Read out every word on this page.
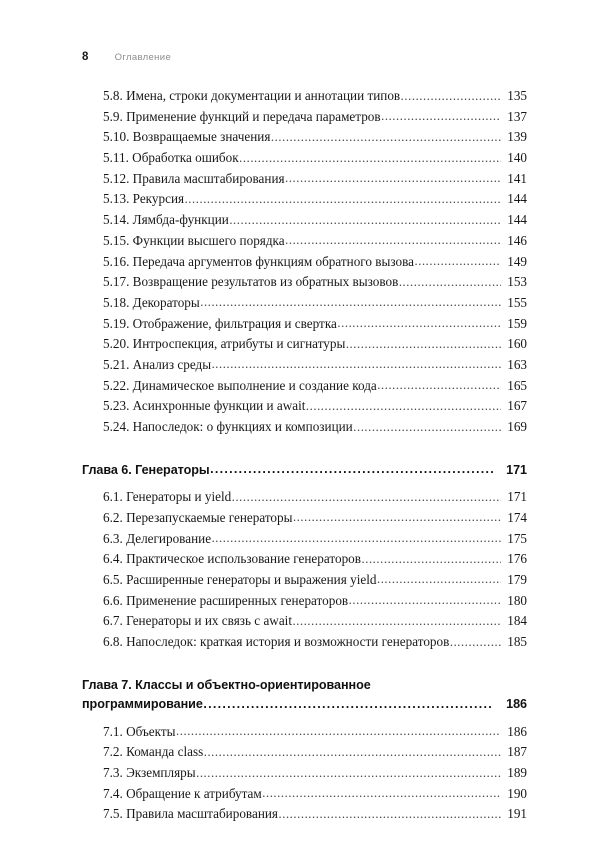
8	Оглавление
5.8. Имена, строки документации и аннотации типов .....	135
5.9. Применение функций и передача параметров .....	137
5.10. Возвращаемые значения .....	139
5.11. Обработка ошибок .....	140
5.12. Правила масштабирования .....	141
5.13. Рекурсия .....	144
5.14. Лямбда-функции .....	144
5.15. Функции высшего порядка .....	146
5.16. Передача аргументов функциям обратного вызова .....	149
5.17. Возвращение результатов из обратных вызовов .....	153
5.18. Декораторы .....	155
5.19. Отображение, фильтрация и свертка .....	159
5.20. Интроспекция, атрибуты и сигнатуры .....	160
5.21. Анализ среды .....	163
5.22. Динамическое выполнение и создание кода .....	165
5.23. Асинхронные функции и await .....	167
5.24. Напоследок: о функциях и композиции .....	169
Глава 6. Генераторы .....	171
6.1. Генераторы и yield .....	171
6.2. Перезапускаемые генераторы .....	174
6.3. Делегирование .....	175
6.4. Практическое использование генераторов .....	176
6.5. Расширенные генераторы и выражения yield .....	179
6.6. Применение расширенных генераторов .....	180
6.7. Генераторы и их связь с await .....	184
6.8. Напоследок: краткая история и возможности генераторов .....	185
Глава 7. Классы и объектно-ориентированное
программирование .....	186
7.1. Объекты .....	186
7.2. Команда class .....	187
7.3. Экземпляры .....	189
7.4. Обращение к атрибутам .....	190
7.5. Правила масштабирования .....	191
